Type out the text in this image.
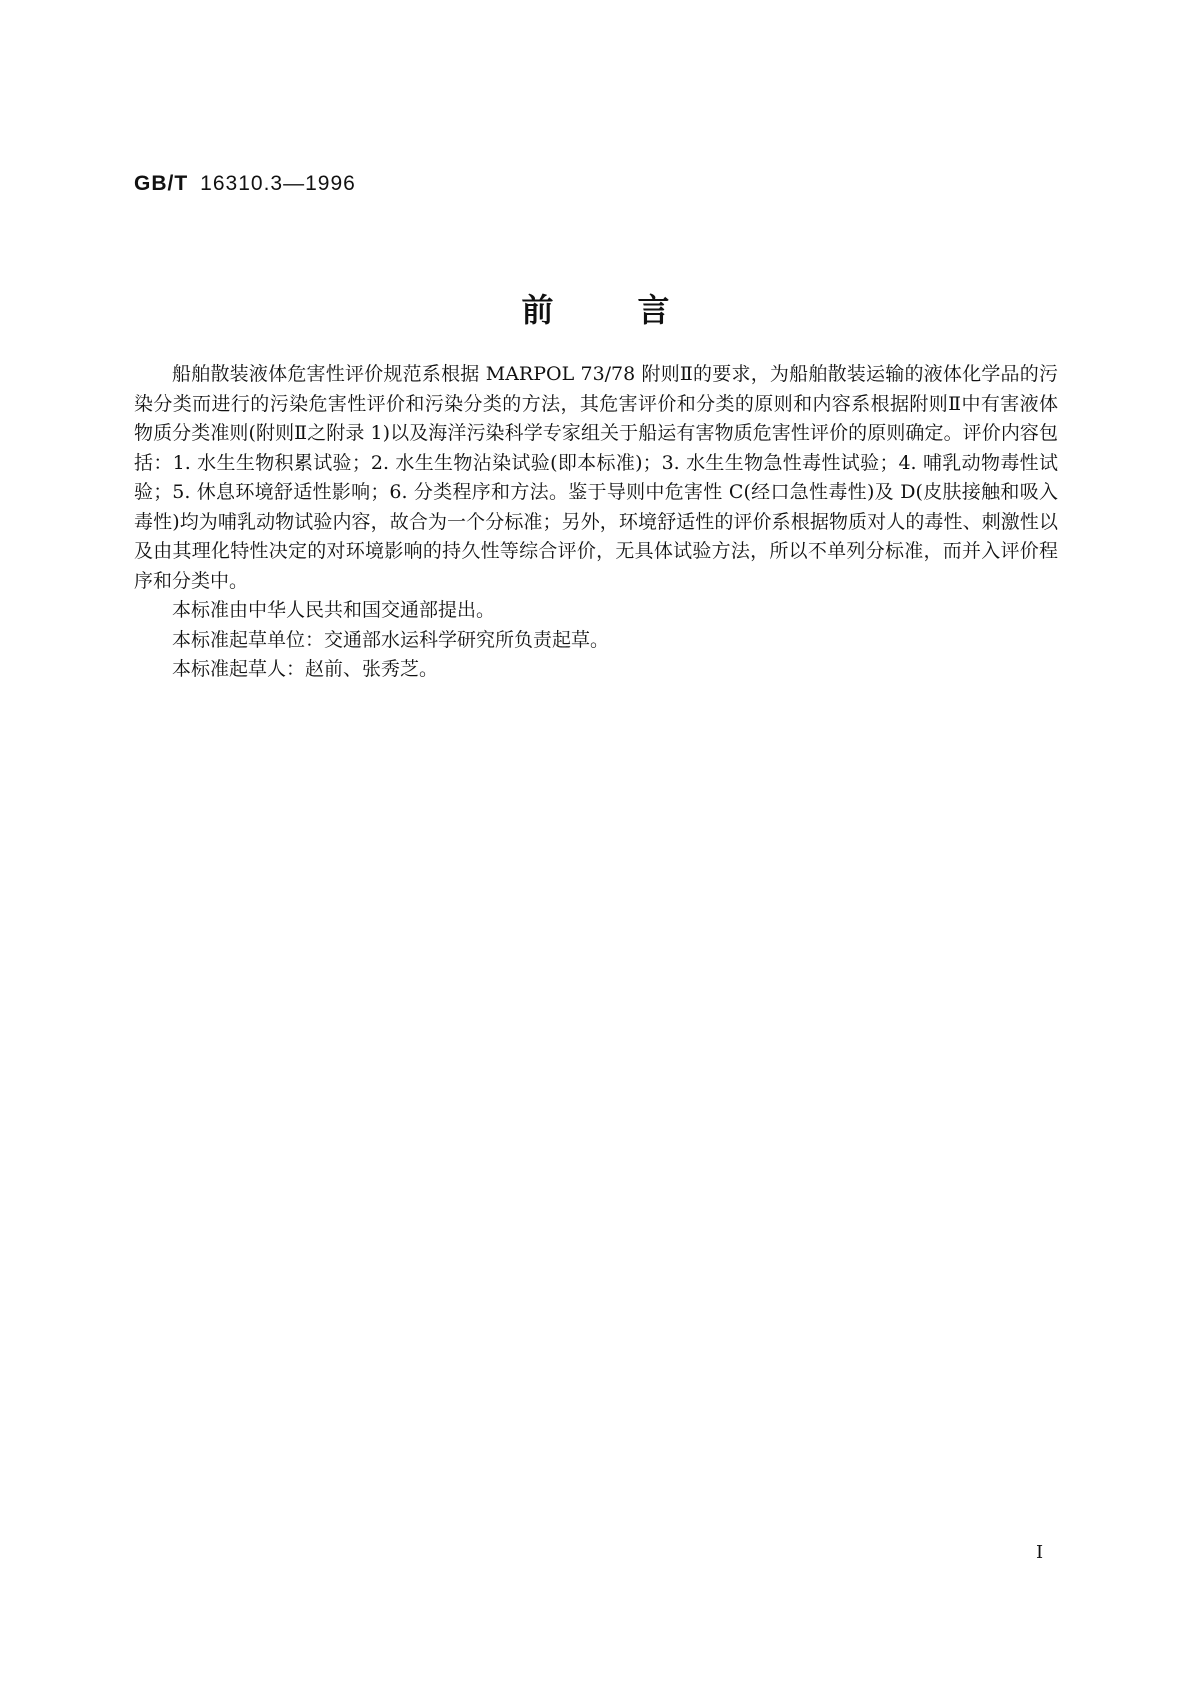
GB/T 16310.3—1996
前	言

船舶散装液体危害性评价规范系根据 MARPOL 73/78 附则Ⅱ的要求，为船舶散装运输的液体化学品的污染分类而进行的污染危害性评价和污染分类的方法，其危害评价和分类的原则和内容系根据附则Ⅱ中有害液体物质分类准则(附则Ⅱ之附录 1)以及海洋污染科学专家组关于船运有害物质危害性评价的原则确定。评价内容包括：1. 水生生物积累试验；2. 水生生物沾染试验(即本标准)；3. 水生生物急性毒性试验；4. 哺乳动物毒性试验；5. 休息环境舒适性影响；6. 分类程序和方法。鉴于导则中危害性 C(经口急性毒性)及 D(皮肤接触和吸入毒性)均为哺乳动物试验内容，故合为一个分标准；另外，环境舒适性的评价系根据物质对人的毒性、刺激性以及由其理化特性决定的对环境影响的持久性等综合评价，无具体试验方法，所以不单列分标准，而并入评价程序和分类中。

本标准由中华人民共和国交通部提出。

本标准起草单位：交通部水运科学研究所负责起草。

本标准起草人：赵前、张秀芝。

Ⅰ
